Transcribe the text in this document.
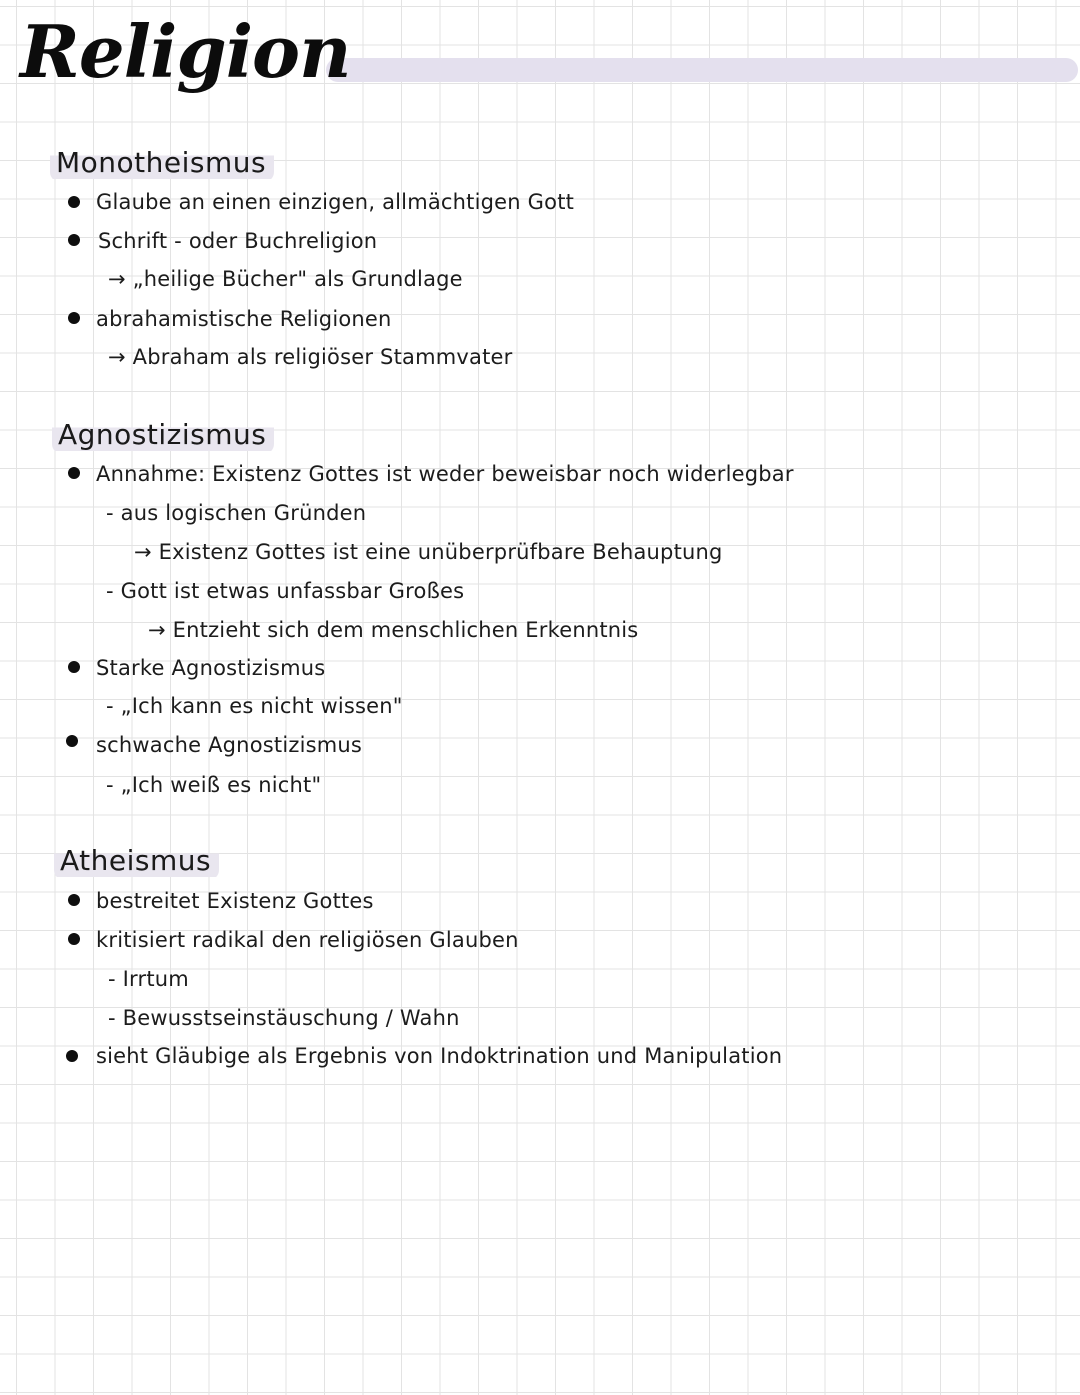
Religion
Monotheismus
Glaube an einen einzigen, allmächtigen Gott
Schrift - oder Buchreligion
→ „heilige Bücher" als Grundlage
abrahamistische Religionen
→ Abraham als religiöser Stammvater
Agnostizismus
Annahme: Existenz Gottes ist weder beweisbar noch widerlegbar
- aus logischen Gründen
→ Existenz Gottes ist eine unüberprüfbare Behauptung
- Gott ist etwas unfassbar Großes
→ Entzieht sich dem menschlichen Erkenntnis
Starke Agnostizismus
- „Ich kann es nicht wissen"
schwache Agnostizismus
- „Ich weiß es nicht"
Atheismus
bestreitet Existenz Gottes
kritisiert radikal den religiösen Glauben
- Irrtum
- Bewusstseinstäuschung / Wahn
sieht Gläubige als Ergebnis von Indoktrination und Manipulation
